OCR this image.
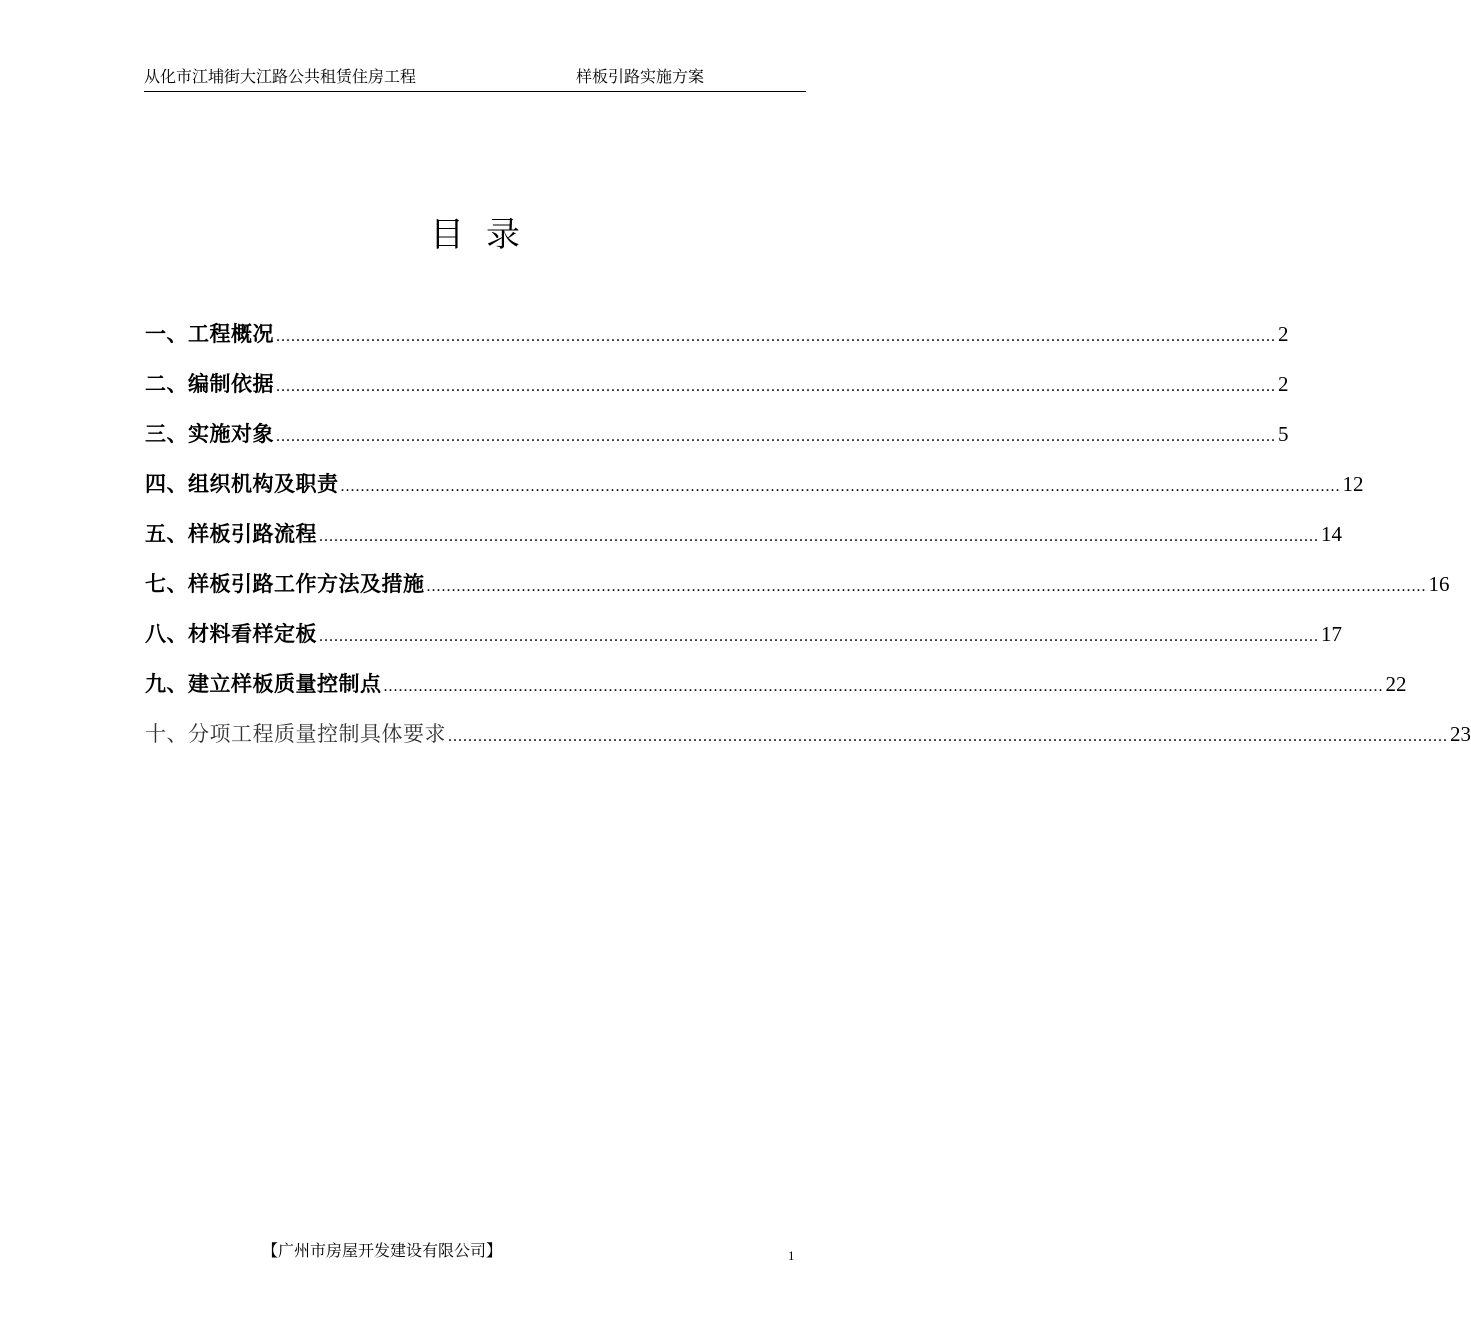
从化市江埔街大江路公共租赁住房工程	样板引路实施方案
目录
一、工程概况 ........................................................................................................................................................................................................ 2
二、编制依据 ........................................................................................................................................................................................................ 2
三、实施对象 ........................................................................................................................................................................................................ 5
四、组织机构及职责 ........................................................................................................................................................................................................ 12
五、样板引路流程 ........................................................................................................................................................................................................ 14
七、样板引路工作方法及措施 ........................................................................................................................................................................................................ 16
八、材料看样定板 ........................................................................................................................................................................................................ 17
九、建立样板质量控制点 ........................................................................................................................................................................................................ 22
十、分项工程质量控制具体要求 ........................................................................................................................................................................................................ 23
【广州市房屋开发建设有限公司】	1
